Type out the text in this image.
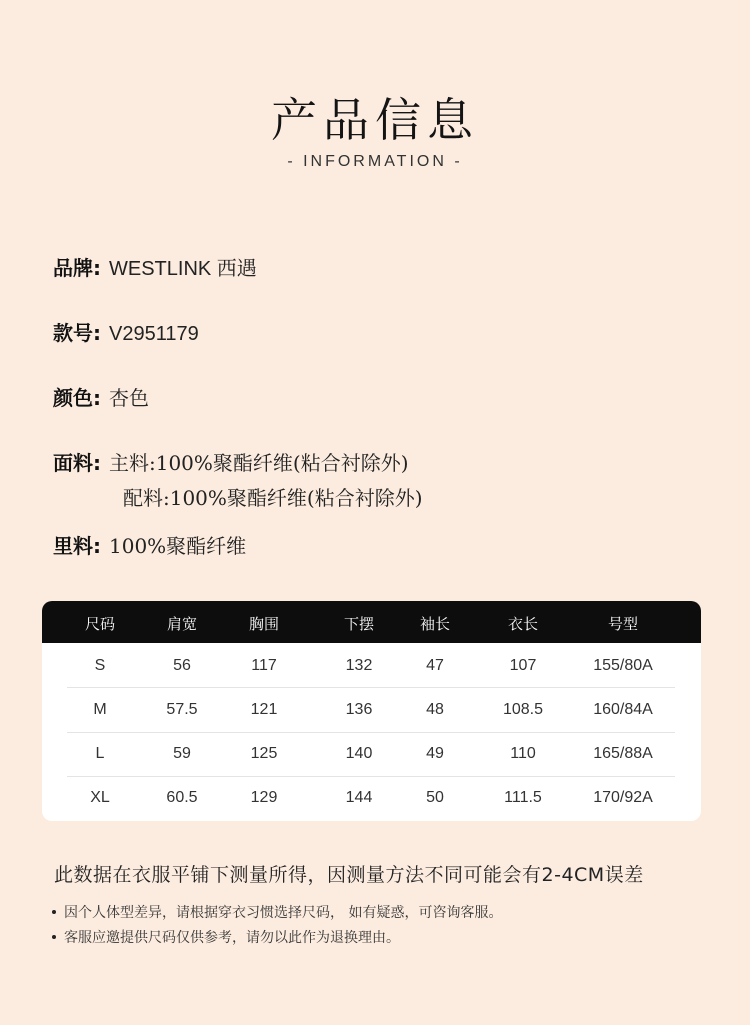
产品信息
- INFORMATION -
品牌: WESTLINK 西遇
款号: V2951179
颜色: 杏色
面料: 主料:100%聚酯纤维(粘合衬除外)
配料:100%聚酯纤维(粘合衬除外)
里料: 100%聚酯纤维
尺码	肩宽	胸围	下摆	袖长	衣长	号型
S	56	117	132	47	107	155/80A
M	57.5	121	136	48	108.5	160/84A
L	59	125	140	49	110	165/88A
XL	60.5	129	144	50	111.5	170/92A
此数据在衣服平铺下测量所得，因测量方法不同可能会有2-4CM误差
因个人体型差异，请根据穿衣习惯选择尺码， 如有疑惑，可咨询客服。
客服应邀提供尺码仅供参考，请勿以此作为退换理由。
